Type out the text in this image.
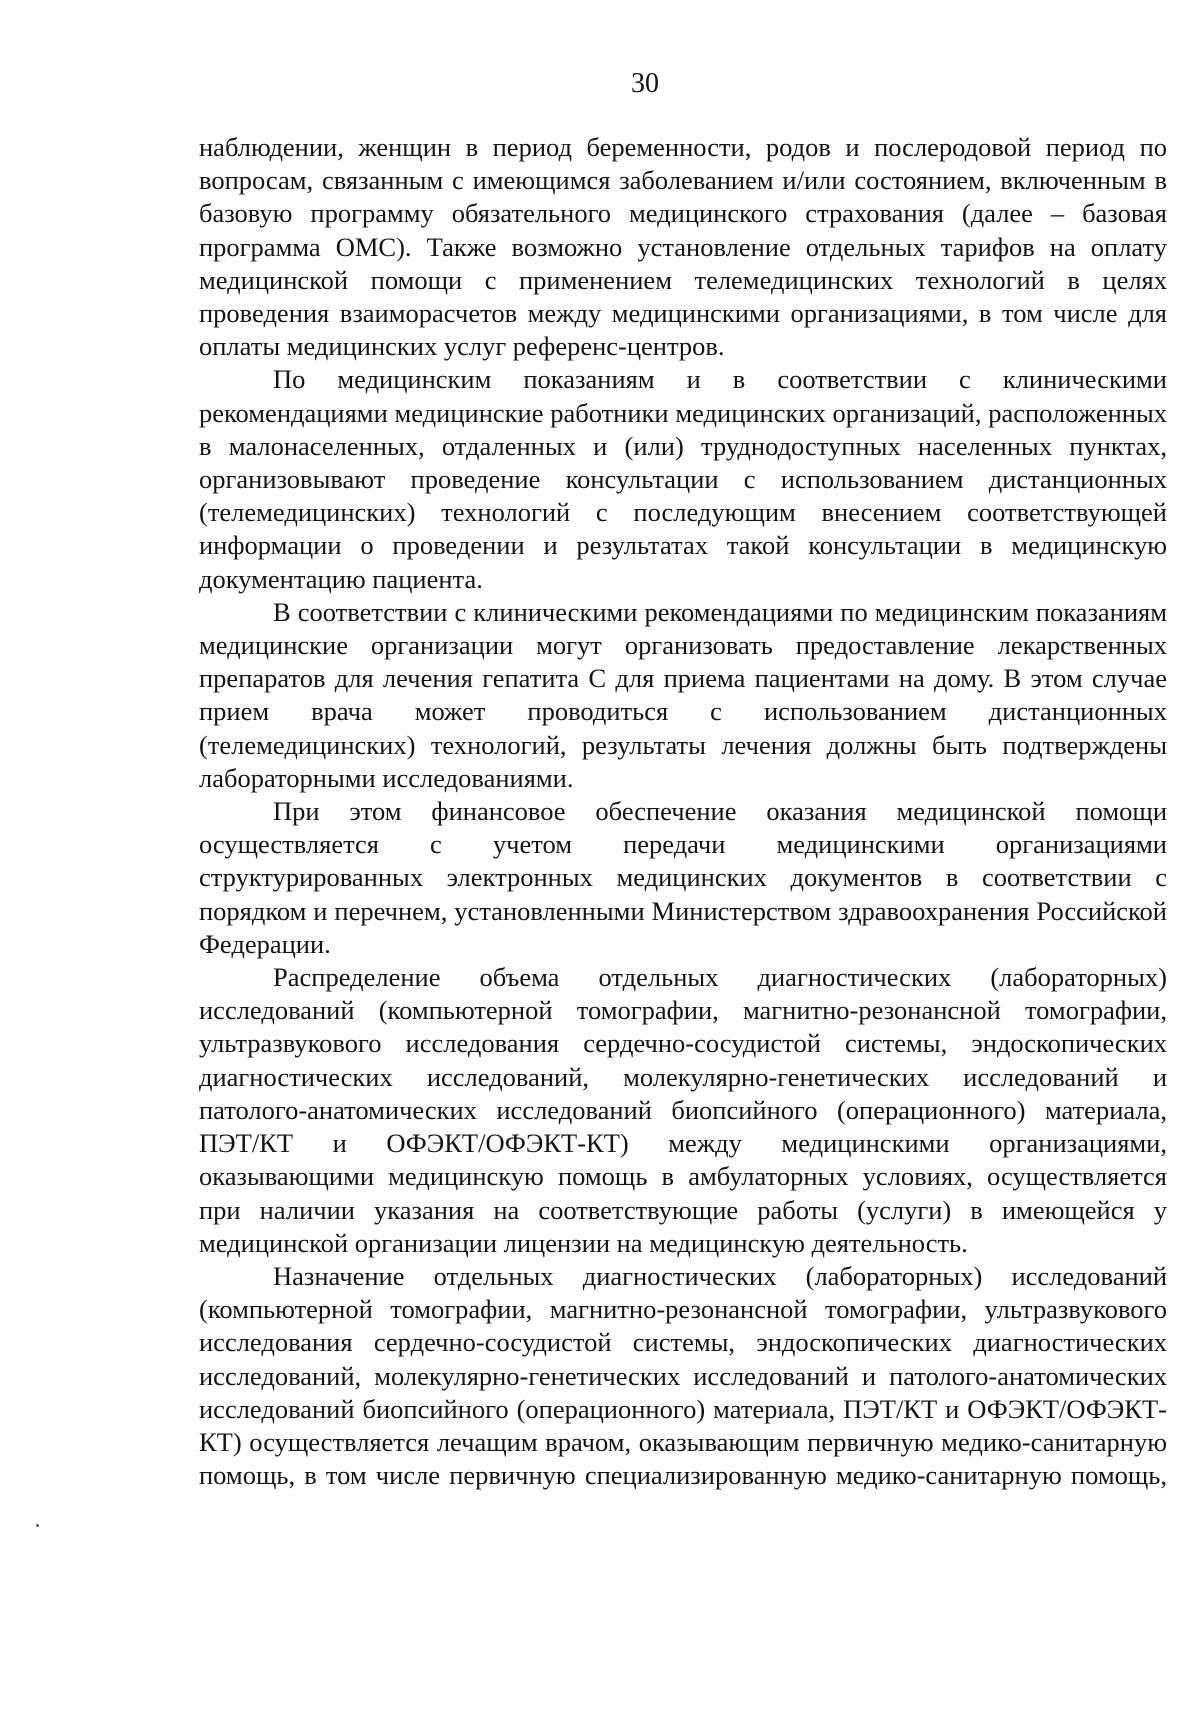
30

наблюдении, женщин в период беременности, родов и послеродовой период по вопросам, связанным с имеющимся заболеванием и/или состоянием, включенным в базовую программу обязательного медицинского страхования (далее – базовая программа ОМС). Также возможно установление отдельных тарифов на оплату медицинской помощи с применением телемедицинских технологий в целях проведения взаиморасчетов между медицинскими организациями, в том числе для оплаты медицинских услуг референс-центров.

По медицинским показаниям и в соответствии с клиническими рекомендациями медицинские работники медицинских организаций, расположенных в малонаселенных, отдаленных и (или) труднодоступных населенных пунктах, организовывают проведение консультации с использованием дистанционных (телемедицинских) технологий с последующим внесением соответствующей информации о проведении и результатах такой консультации в медицинскую документацию пациента.

В соответствии с клиническими рекомендациями по медицинским показаниям медицинские организации могут организовать предоставление лекарственных препаратов для лечения гепатита С для приема пациентами на дому. В этом случае прием врача может проводиться с использованием дистанционных (телемедицинских) технологий, результаты лечения должны быть подтверждены лабораторными исследованиями.

При этом финансовое обеспечение оказания медицинской помощи осуществляется с учетом передачи медицинскими организациями структурированных электронных медицинских документов в соответствии с порядком и перечнем, установленными Министерством здравоохранения Российской Федерации.

Распределение объема отдельных диагностических (лабораторных) исследований (компьютерной томографии, магнитно-резонансной томографии, ультразвукового исследования сердечно-сосудистой системы, эндоскопических диагностических исследований, молекулярно-генетических исследований и патолого-анатомических исследований биопсийного (операционного) материала, ПЭТ/КТ и ОФЭКТ/ОФЭКТ-КТ) между медицинскими организациями, оказывающими медицинскую помощь в амбулаторных условиях, осуществляется при наличии указания на соответствующие работы (услуги) в имеющейся у медицинской организации лицензии на медицинскую деятельность.

Назначение отдельных диагностических (лабораторных) исследований (компьютерной томографии, магнитно-резонансной томографии, ультразвукового исследования сердечно-сосудистой системы, эндоскопических диагностических исследований, молекулярно-генетических исследований и патолого-анатомических исследований биопсийного (операционного) материала, ПЭТ/КТ и ОФЭКТ/ОФЭКТ-КТ) осуществляется лечащим врачом, оказывающим первичную медико-санитарную помощь, в том числе первичную специализированную медико-санитарную помощь,
